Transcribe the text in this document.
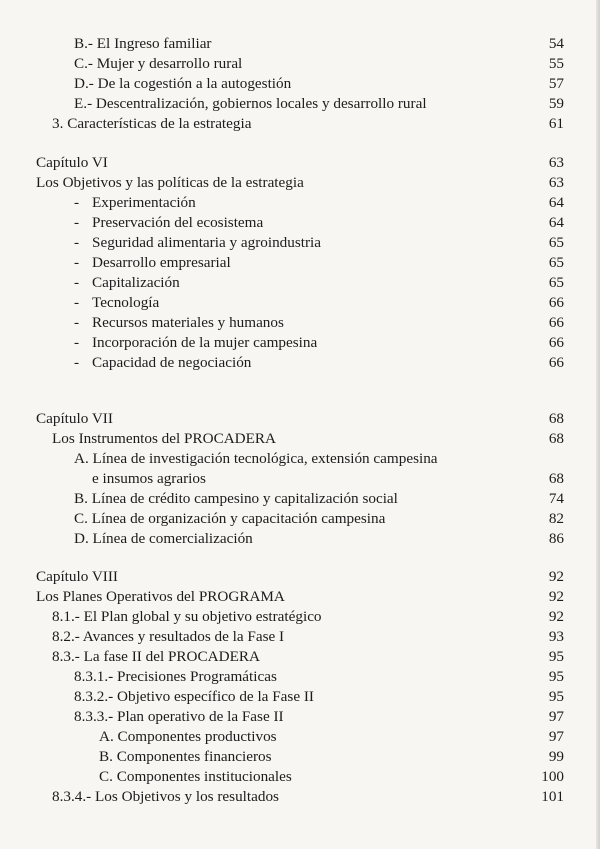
B.- El Ingreso familiar	54
C.- Mujer y desarrollo rural	55
D.- De la cogestión a la autogestión	57
E.- Descentralización, gobiernos locales y desarrollo rural	59
3. Características de la estrategia	61
Capítulo VI	63
Los Objetivos y las políticas de la estrategia	63
- Experimentación	64
- Preservación del ecosistema	64
- Seguridad alimentaria y agroindustria	65
- Desarrollo empresarial	65
- Capitalización	65
- Tecnología	66
- Recursos materiales y humanos	66
- Incorporación de la mujer campesina	66
- Capacidad de negociación	66
Capítulo VII	68
Los Instrumentos del PROCADERA	68
A. Línea de investigación tecnológica, extensión campesina
e insumos agrarios	68
B. Línea de crédito campesino y capitalización social	74
C. Línea de organización y capacitación campesina	82
D. Línea de comercialización	86
Capítulo VIII	92
Los Planes Operativos del PROGRAMA	92
8.1.- El Plan global y su objetivo estratégico	92
8.2.- Avances y resultados de la Fase I	93
8.3.- La fase II del PROCADERA	95
8.3.1.- Precisiones Programáticas	95
8.3.2.- Objetivo específico de la Fase II	95
8.3.3.- Plan operativo de la Fase II	97
A. Componentes productivos	97
B. Componentes financieros	99
C. Componentes institucionales	100
8.3.4.- Los Objetivos y los resultados	101
